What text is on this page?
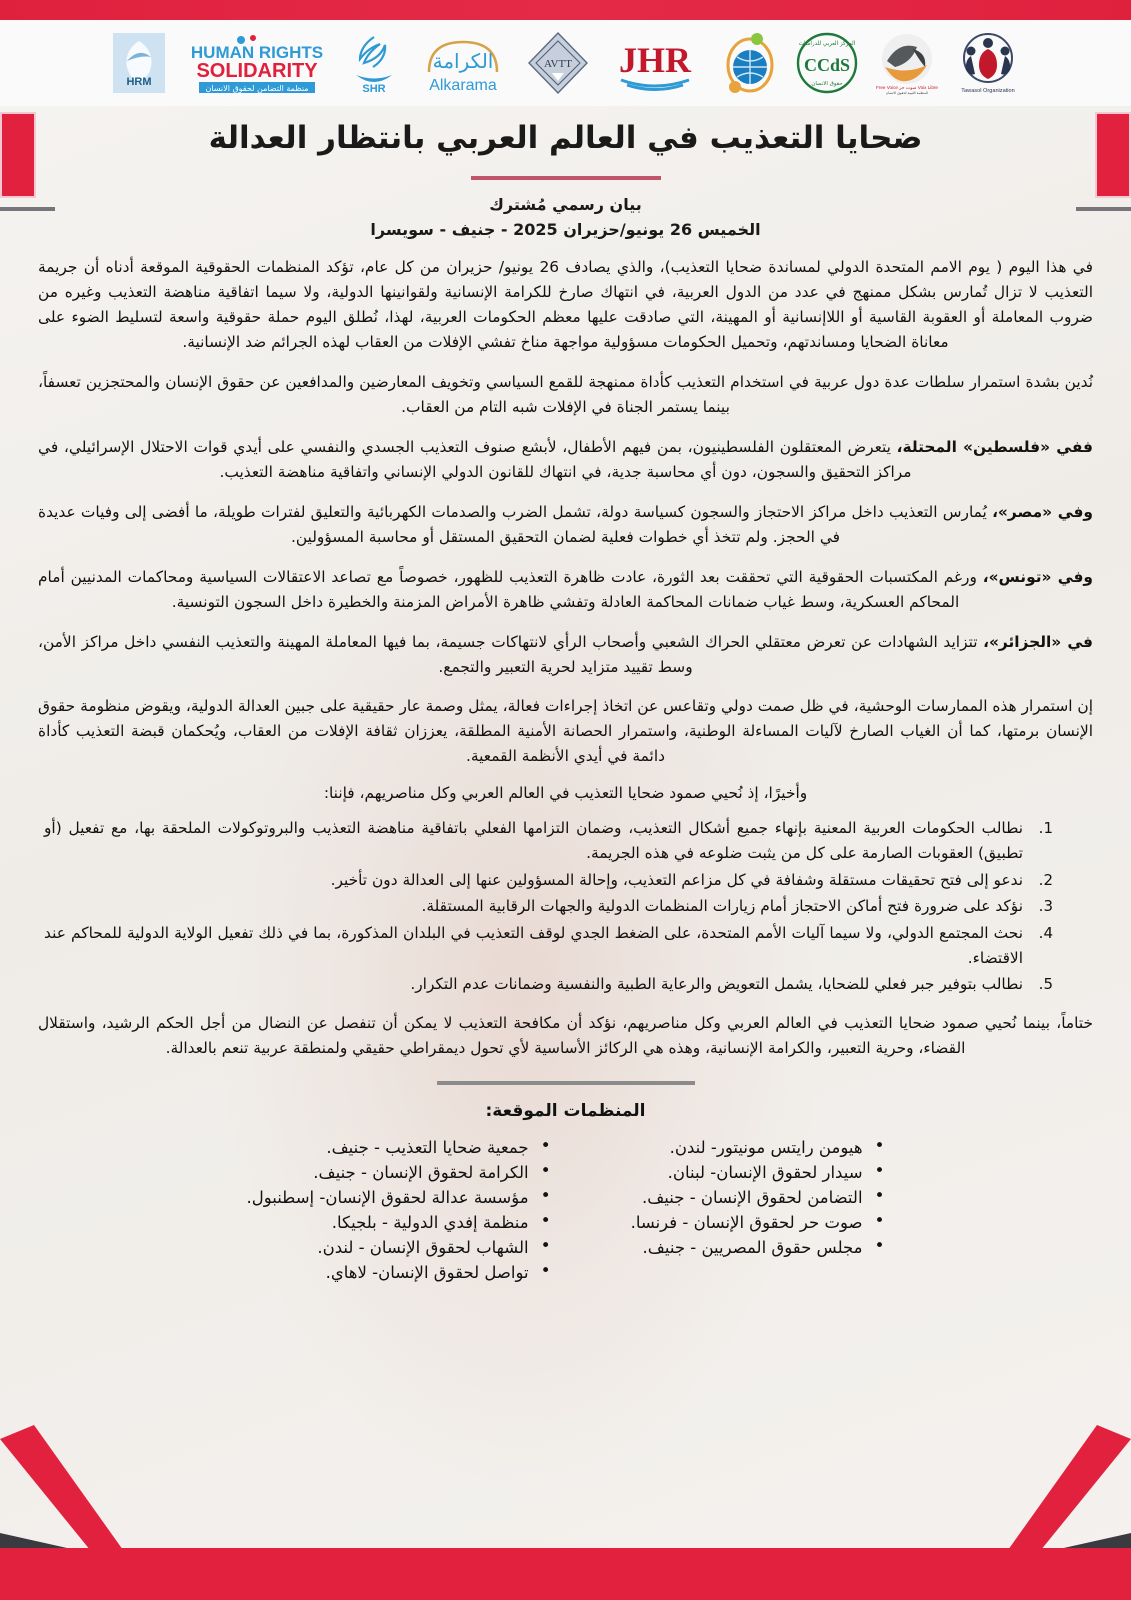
HRM
HUMAN RIGHTS
SOLIDARITY
منظمة التضامن لحقوق الانسان	SHR
الكرامة
Alkarama
AVTT JHR	المركز العربي للدراسات
CCdS
حقوق الانسان
Free Voice صوت حر Voix Libre
المنظمة الليبية لحقوق الانسان	Tawasol Organization
ضحايا التعذيب في العالم العربي بانتظار العدالة
بيان رسمي مُشترك
الخميس 26 يونيو/حزيران 2025 - جنيف - سويسرا

في هذا اليوم ( يوم الامم المتحدة الدولي لمساندة ضحايا التعذيب)، والذي يصادف 26 يونيو/ حزيران من كل عام، تؤكد المنظمات الحقوقية الموقعة أدناه أن جريمة التعذيب لا تزال تُمارس بشكل ممنهج في عدد من الدول العربية، في انتهاك صارخ للكرامة الإنسانية ولقوانينها الدولية، ولا سيما اتفاقية مناهضة التعذيب وغيره من ضروب المعاملة أو العقوبة القاسية أو اللاإنسانية أو المهينة، التي صادقت عليها معظم الحكومات العربية، لهذا، نُطلق اليوم حملة حقوقية واسعة لتسليط الضوء على معاناة الضحايا ومساندتهم، وتحميل الحكومات مسؤولية مواجهة مناخ تفشي الإفلات من العقاب لهذه الجرائم ضد الإنسانية.

نُدين بشدة استمرار سلطات عدة دول عربية في استخدام التعذيب كأداة ممنهجة للقمع السياسي وتخويف المعارضين والمدافعين عن حقوق الإنسان والمحتجزين تعسفاً، بينما يستمر الجناة في الإفلات شبه التام من العقاب.

ففي «فلسطين» المحتلة، يتعرض المعتقلون الفلسطينيون، بمن فيهم الأطفال، لأبشع صنوف التعذيب الجسدي والنفسي على أيدي قوات الاحتلال الإسرائيلي، في مراكز التحقيق والسجون، دون أي محاسبة جدية، في انتهاك للقانون الدولي الإنساني واتفاقية مناهضة التعذيب.

وفي «مصر»، يُمارس التعذيب داخل مراكز الاحتجاز والسجون كسياسة دولة، تشمل الضرب والصدمات الكهربائية والتعليق لفترات طويلة، ما أفضى إلى وفيات عديدة في الحجز. ولم تتخذ أي خطوات فعلية لضمان التحقيق المستقل أو محاسبة المسؤولين.

وفي «تونس»، ورغم المكتسبات الحقوقية التي تحققت بعد الثورة، عادت ظاهرة التعذيب للظهور، خصوصاً مع تصاعد الاعتقالات السياسية ومحاكمات المدنيين أمام المحاكم العسكرية، وسط غياب ضمانات المحاكمة العادلة وتفشي ظاهرة الأمراض المزمنة والخطيرة داخل السجون التونسية.

في «الجزائر»، تتزايد الشهادات عن تعرض معتقلي الحراك الشعبي وأصحاب الرأي لانتهاكات جسيمة، بما فيها المعاملة المهينة والتعذيب النفسي داخل مراكز الأمن، وسط تقييد متزايد لحرية التعبير والتجمع.

إن استمرار هذه الممارسات الوحشية، في ظل صمت دولي وتقاعس عن اتخاذ إجراءات فعالة، يمثل وصمة عار حقيقية على جبين العدالة الدولية، ويقوض منظومة حقوق الإنسان برمتها، كما أن الغياب الصارخ لآليات المساءلة الوطنية، واستمرار الحصانة الأمنية المطلقة، يعززان ثقافة الإفلات من العقاب، ويُحكمان قبضة التعذيب كأداة دائمة في أيدي الأنظمة القمعية.

وأخيرًا، إذ نُحيي صمود ضحايا التعذيب في العالم العربي وكل مناصريهم، فإننا:
نطالب الحكومات العربية المعنية بإنهاء جميع أشكال التعذيب، وضمان التزامها الفعلي باتفاقية مناهضة التعذيب والبروتوكولات الملحقة بها، مع تفعيل (أو تطبيق) العقوبات الصارمة على كل من يثبت ضلوعه في هذه الجريمة.
ندعو إلى فتح تحقيقات مستقلة وشفافة في كل مزاعم التعذيب، وإحالة المسؤولين عنها إلى العدالة دون تأخير.
نؤكد على ضرورة فتح أماكن الاحتجاز أمام زيارات المنظمات الدولية والجهات الرقابية المستقلة.
نحث المجتمع الدولي، ولا سيما آليات الأمم المتحدة، على الضغط الجدي لوقف التعذيب في البلدان المذكورة، بما في ذلك تفعيل الولاية الدولية للمحاكم عند الاقتضاء.
نطالب بتوفير جبر فعلي للضحايا، يشمل التعويض والرعاية الطبية والنفسية وضمانات عدم التكرار.

ختاماً، بينما نُحيي صمود ضحايا التعذيب في العالم العربي وكل مناصريهم، نؤكد أن مكافحة التعذيب لا يمكن أن تنفصل عن النضال من أجل الحكم الرشيد، واستقلال القضاء، وحرية التعبير، والكرامة الإنسانية، وهذه هي الركائز الأساسية لأي تحول ديمقراطي حقيقي ولمنطقة عربية تنعم بالعدالة.

المنظمات الموقعة:
• هيومن رايتس مونيتور- لندن.
• سيدار لحقوق الإنسان- لبنان.
• التضامن لحقوق الإنسان - جنيف.
• صوت حر لحقوق الإنسان - فرنسا.
• مجلس حقوق المصريين - جنيف.
• جمعية ضحايا التعذيب - جنيف.
• الكرامة لحقوق الإنسان - جنيف.
• مؤسسة عدالة لحقوق الإنسان- إسطنبول.
• منظمة إفدي الدولية - بلجيكا.
• الشهاب لحقوق الإنسان - لندن.
• تواصل لحقوق الإنسان- لاهاي.
